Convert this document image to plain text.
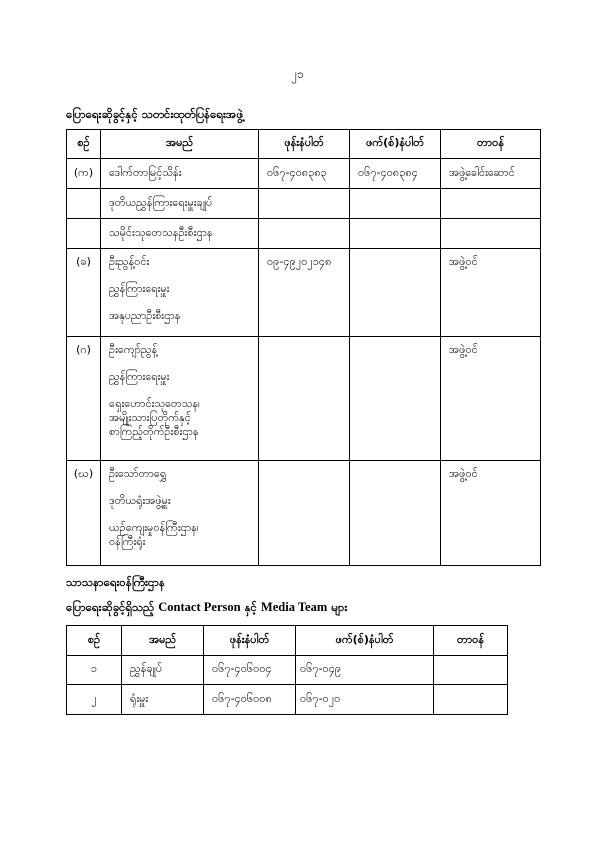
၂၁
ပြောရေးဆိုခွင့်နှင့် သတင်းထုတ်ပြန်ရေးအဖွဲ့
စဉ်	အမည်	ဖုန်းနံပါတ်	ဖက်(စ်)နံပါတ်	တာဝန်
(က)	ဒေါက်တာမြင့်သိန်း	၀၆၇-၄၀၈၃၈၃	၀၆၇-၄၀၈၃၈၄	အဖွဲ့ခေါင်းဆောင်
	ဒုတိယညွှန်ကြားရေးမှူးချုပ်			
	သမိုင်းသုတေသနဦးစီးဌာန			
(ခ)	ဦးညွန့်ဝင်း
ညွှန်ကြားရေးမှူး
အနုပညာဦးစီးဌာန	၀၉-၄၉၂၀၂၁၄၈		အဖွဲ့ဝင်
(ဂ)	ဦးကျော်ညွန့်
ညွှန်ကြားရေးမှူး
ရှေးဟောင်းသုတေသန၊
အမျိုးသားပြတိုက်နှင့်
စာကြည့်တိုက်ဦးစီးဌာန			အဖွဲ့ဝင်
(ဃ)	ဦးသော်တာရွှေ
ဒုတိယရုံးအဖွဲ့မှူး
ယဉ်ကျေးမှုဝန်ကြီးဌာန၊
ဝန်ကြီးရုံး			အဖွဲ့ဝင်
သာသနာရေးဝန်ကြီးဌာန
ပြောရေးဆိုခွင့်ရှိသည့် Contact Person နှင့် Media Team များ
စဉ်	အမည်	ဖုန်းနံပါတ်	ဖက်(စ်)နံပါတ်	တာဝန်
၁	ညွှန်ချုပ်	၀၆၇-၄၀၆၀၀၄	၀၆၇-၀၄၉	
၂	ရုံးမှူး	၀၆၇-၄၀၆၀၀၈	၀၆၇-၀၂၀	
